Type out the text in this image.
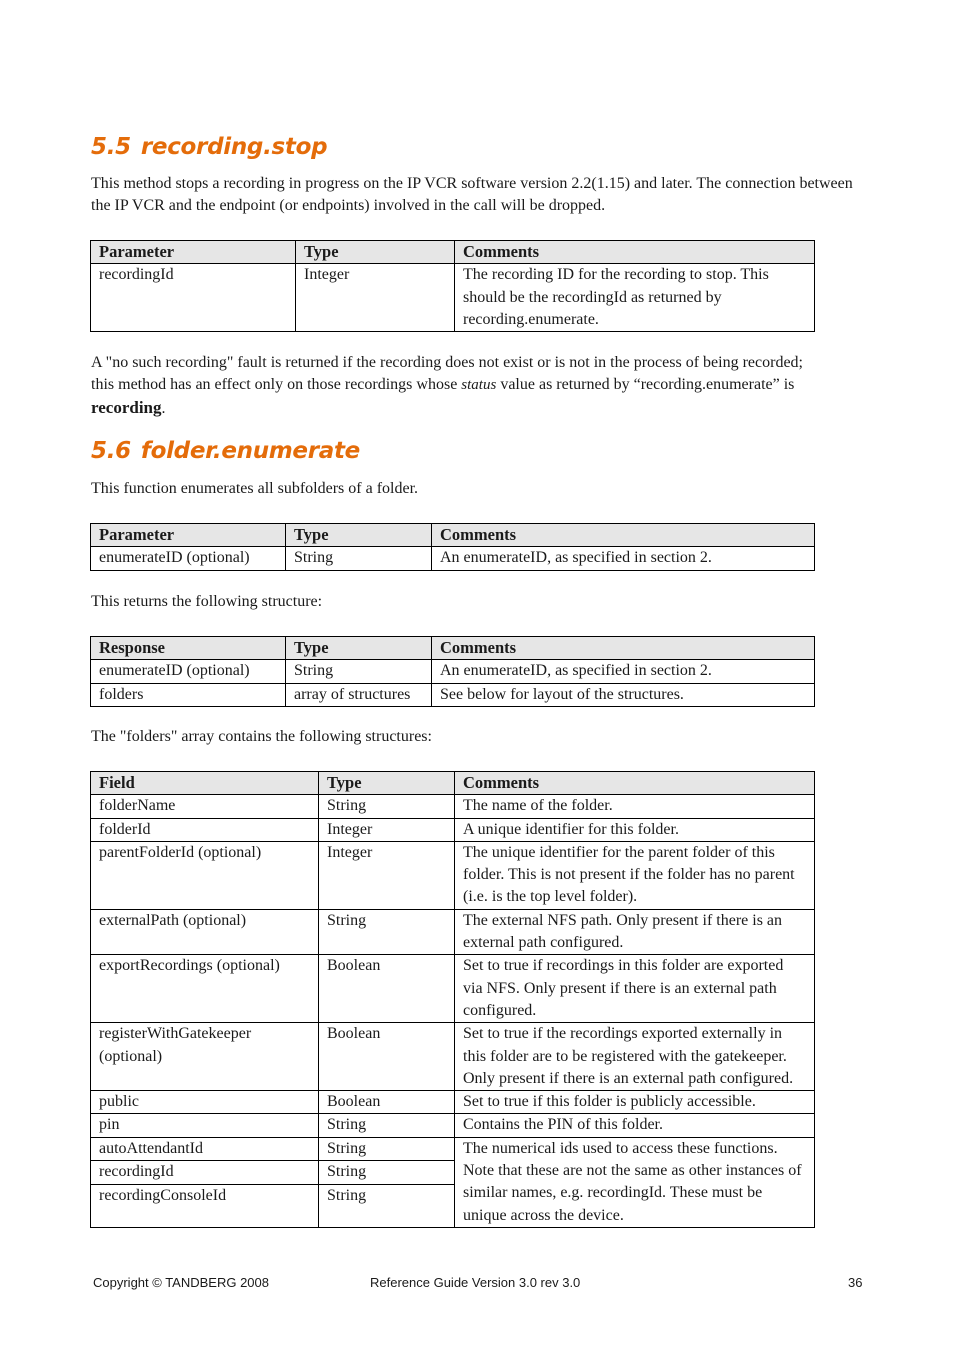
5.5 recording.stop

This method stops a recording in progress on the IP VCR software version 2.2(1.15) and later. The connection between the IP VCR and the endpoint (or endpoints) involved in the call will be dropped.

Parameter	Type	Comments
recordingId	Integer	The recording ID for the recording to stop. This should be the recordingId as returned by recording.enumerate.

A "no such recording" fault is returned if the recording does not exist or is not in the process of being recorded; this method has an effect only on those recordings whose status value as returned by “recording.enumerate” is recording.

5.6 folder.enumerate

This function enumerates all subfolders of a folder.

Parameter	Type	Comments
enumerateID (optional)	String	An enumerateID, as specified in section 2.

This returns the following structure:

Response	Type	Comments
enumerateID (optional)	String	An enumerateID, as specified in section 2.
folders	array of structures	See below for layout of the structures.

The "folders" array contains the following structures:

Field	Type	Comments
folderName	String	The name of the folder.
folderId	Integer	A unique identifier for this folder.
parentFolderId (optional)	Integer	The unique identifier for the parent folder of this folder. This is not present if the folder has no parent (i.e. is the top level folder).
externalPath (optional)	String	The external NFS path. Only present if there is an external path configured.
exportRecordings (optional)	Boolean	Set to true if recordings in this folder are exported via NFS. Only present if there is an external path configured.
registerWithGatekeeper (optional)	Boolean	Set to true if the recordings exported externally in this folder are to be registered with the gatekeeper. Only present if there is an external path configured.
public	Boolean	Set to true if this folder is publicly accessible.
pin	String	Contains the PIN of this folder.
autoAttendantId	String	The numerical ids used to access these functions. Note that these are not the same as other instances of similar names, e.g. recordingId. These must be unique across the device.
recordingId	String	
recordingConsoleId	String	
Copyright © TANDBERG 2008	Reference Guide Version 3.0 rev 3.0	36
